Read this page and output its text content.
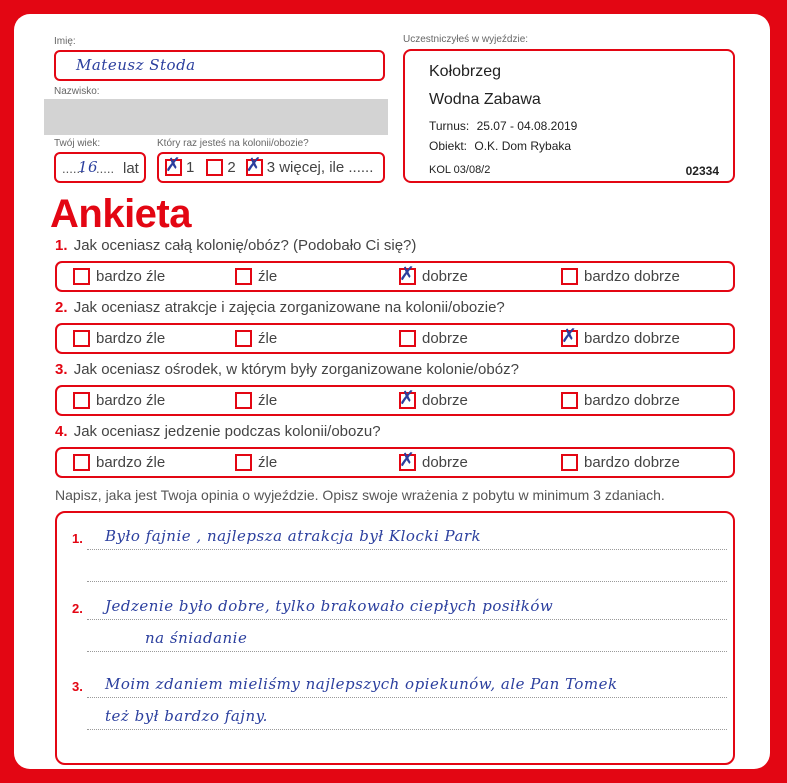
Imię:
Mateusz Stoda
Nazwisko:
Twój wiek:
......
16
..... lat
Który raz jesteś na kolonii/obozie?
✗ 1 2 ✗ 3 więcej, ile ......
Uczestniczyłeś w wyjeździe:
Kołobrzeg
Wodna Zabawa
Turnus: 25.07 - 04.08.2019
Obiekt: O.K. Dom Rybaka
KOL 03/08/2	02334
Ankieta
1. Jak oceniasz całą kolonię/obóz? (Podobało Ci się?)
bardzo źle	źle	✗ dobrze	bardzo dobrze
2. Jak oceniasz atrakcje i zajęcia zorganizowane na kolonii/obozie?
bardzo źle	źle	dobrze	✗ bardzo dobrze
3. Jak oceniasz ośrodek, w którym były zorganizowane kolonie/obóz?
bardzo źle	źle	✗ dobrze	bardzo dobrze
4. Jak oceniasz jedzenie podczas kolonii/obozu?
bardzo źle	źle	✗ dobrze	bardzo dobrze
Napisz, jaka jest Twoja opinia o wyjeździe. Opisz swoje wrażenia z pobytu w minimum 3 zdaniach.
1. Było fajnie , najlepsza atrakcja był Klocki Park
2. Jedzenie było dobre, tylko brakowało ciepłych posiłków
na śniadanie
3. Moim zdaniem mieliśmy najlepszych opiekunów, ale Pan Tomek
też był bardzo fajny.
